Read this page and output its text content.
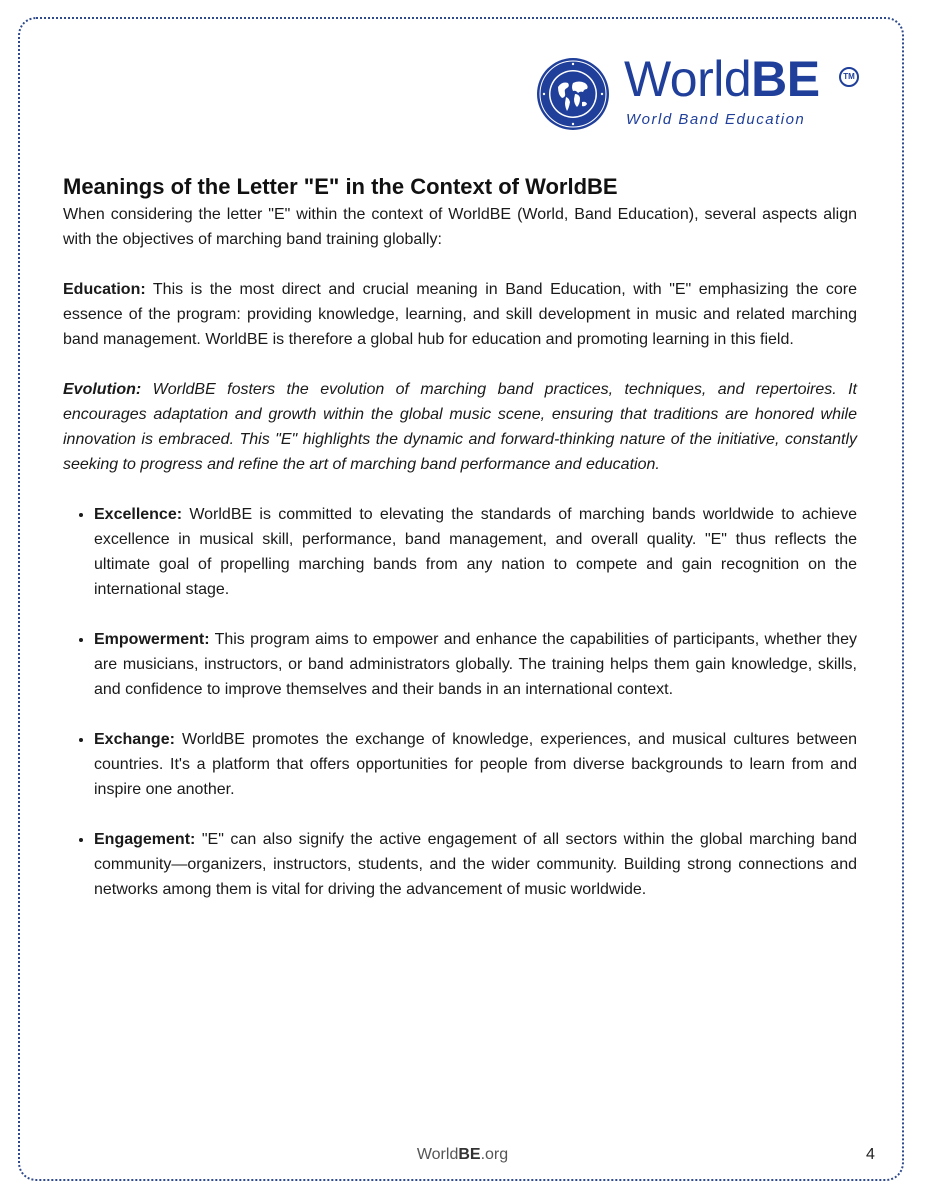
WorldBE	TM
World Band Education
Meanings of the Letter "E" in the Context of WorldBE

When considering the letter "E" within the context of WorldBE (World, Band Education), several aspects align with the objectives of marching band training globally:

Education: This is the most direct and crucial meaning in Band Education, with "E" emphasizing the core essence of the program: providing knowledge, learning, and skill development in music and related marching band management. WorldBE is therefore a global hub for education and promoting learning in this field.

Evolution: WorldBE fosters the evolution of marching band practices, techniques, and repertoires. It encourages adaptation and growth within the global music scene, ensuring that traditions are honored while innovation is embraced. This "E" highlights the dynamic and forward-thinking nature of the initiative, constantly seeking to progress and refine the art of marching band performance and education.

• Excellence: WorldBE is committed to elevating the standards of marching bands worldwide to achieve excellence in musical skill, performance, band management, and overall quality. "E" thus reflects the ultimate goal of propelling marching bands from any nation to compete and gain recognition on the international stage.
• Empowerment: This program aims to empower and enhance the capabilities of participants, whether they are musicians, instructors, or band administrators globally. The training helps them gain knowledge, skills, and confidence to improve themselves and their bands in an international context.
• Exchange: WorldBE promotes the exchange of knowledge, experiences, and musical cultures between countries. It's a platform that offers opportunities for people from diverse backgrounds to learn from and inspire one another.
• Engagement: "E" can also signify the active engagement of all sectors within the global marching band community—organizers, instructors, students, and the wider community. Building strong connections and networks among them is vital for driving the advancement of music worldwide.
WorldBE.org	4
